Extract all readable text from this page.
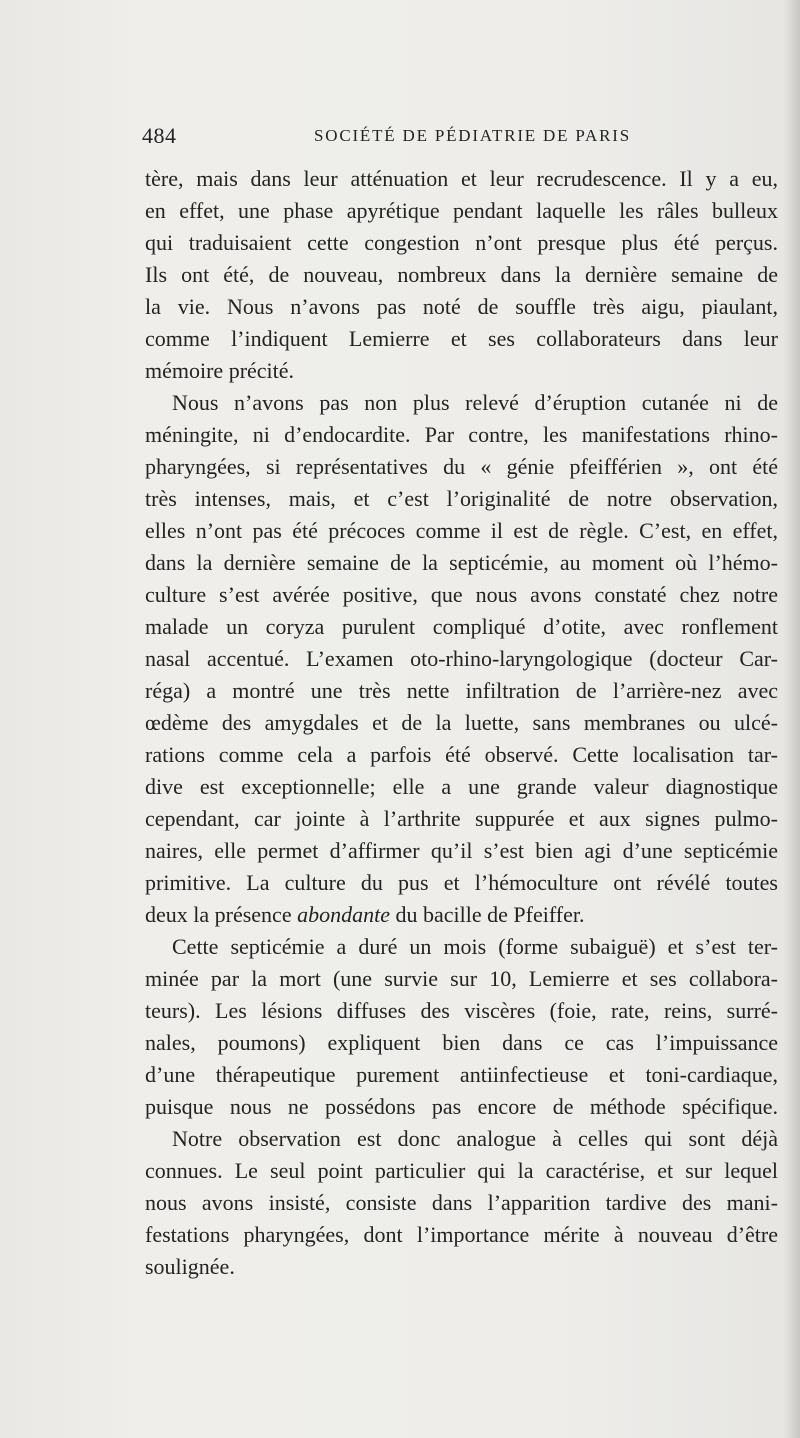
484	SOCIÉTÉ DE PÉDIATRIE DE PARIS
tère, mais dans leur atténuation et leur recrudescence. Il y a eu,
en effet, une phase apyrétique pendant laquelle les râles bulleux
qui traduisaient cette congestion n’ont presque plus été perçus.
Ils ont été, de nouveau, nombreux dans la dernière semaine de
la vie. Nous n’avons pas noté de souffle très aigu, piaulant,
comme l’indiquent Lemierre et ses collaborateurs dans leur
mémoire précité.
Nous n’avons pas non plus relevé d’éruption cutanée ni de
méningite, ni d’endocardite. Par contre, les manifestations rhino-
pharyngées, si représentatives du « génie pfeifférien », ont été
très intenses, mais, et c’est l’originalité de notre observation,
elles n’ont pas été précoces comme il est de règle. C’est, en effet,
dans la dernière semaine de la septicémie, au moment où l’hémo-
culture s’est avérée positive, que nous avons constaté chez notre
malade un coryza purulent compliqué d’otite, avec ronflement
nasal accentué. L’examen oto-rhino-laryngologique (docteur Car-
réga) a montré une très nette infiltration de l’arrière-nez avec
œdème des amygdales et de la luette, sans membranes ou ulcé-
rations comme cela a parfois été observé. Cette localisation tar-
dive est exceptionnelle; elle a une grande valeur diagnostique
cependant, car jointe à l’arthrite suppurée et aux signes pulmo-
naires, elle permet d’affirmer qu’il s’est bien agi d’une septicémie
primitive. La culture du pus et l’hémoculture ont révélé toutes
deux la présence abondante du bacille de Pfeiffer.
Cette septicémie a duré un mois (forme subaiguë) et s’est ter-
minée par la mort (une survie sur 10, Lemierre et ses collabora-
teurs). Les lésions diffuses des viscères (foie, rate, reins, surré-
nales, poumons) expliquent bien dans ce cas l’impuissance
d’une thérapeutique purement antiinfectieuse et toni-cardiaque,
puisque nous ne possédons pas encore de méthode spécifique.
Notre observation est donc analogue à celles qui sont déjà
connues. Le seul point particulier qui la caractérise, et sur lequel
nous avons insisté, consiste dans l’apparition tardive des mani-
festations pharyngées, dont l’importance mérite à nouveau d’être
soulignée.
